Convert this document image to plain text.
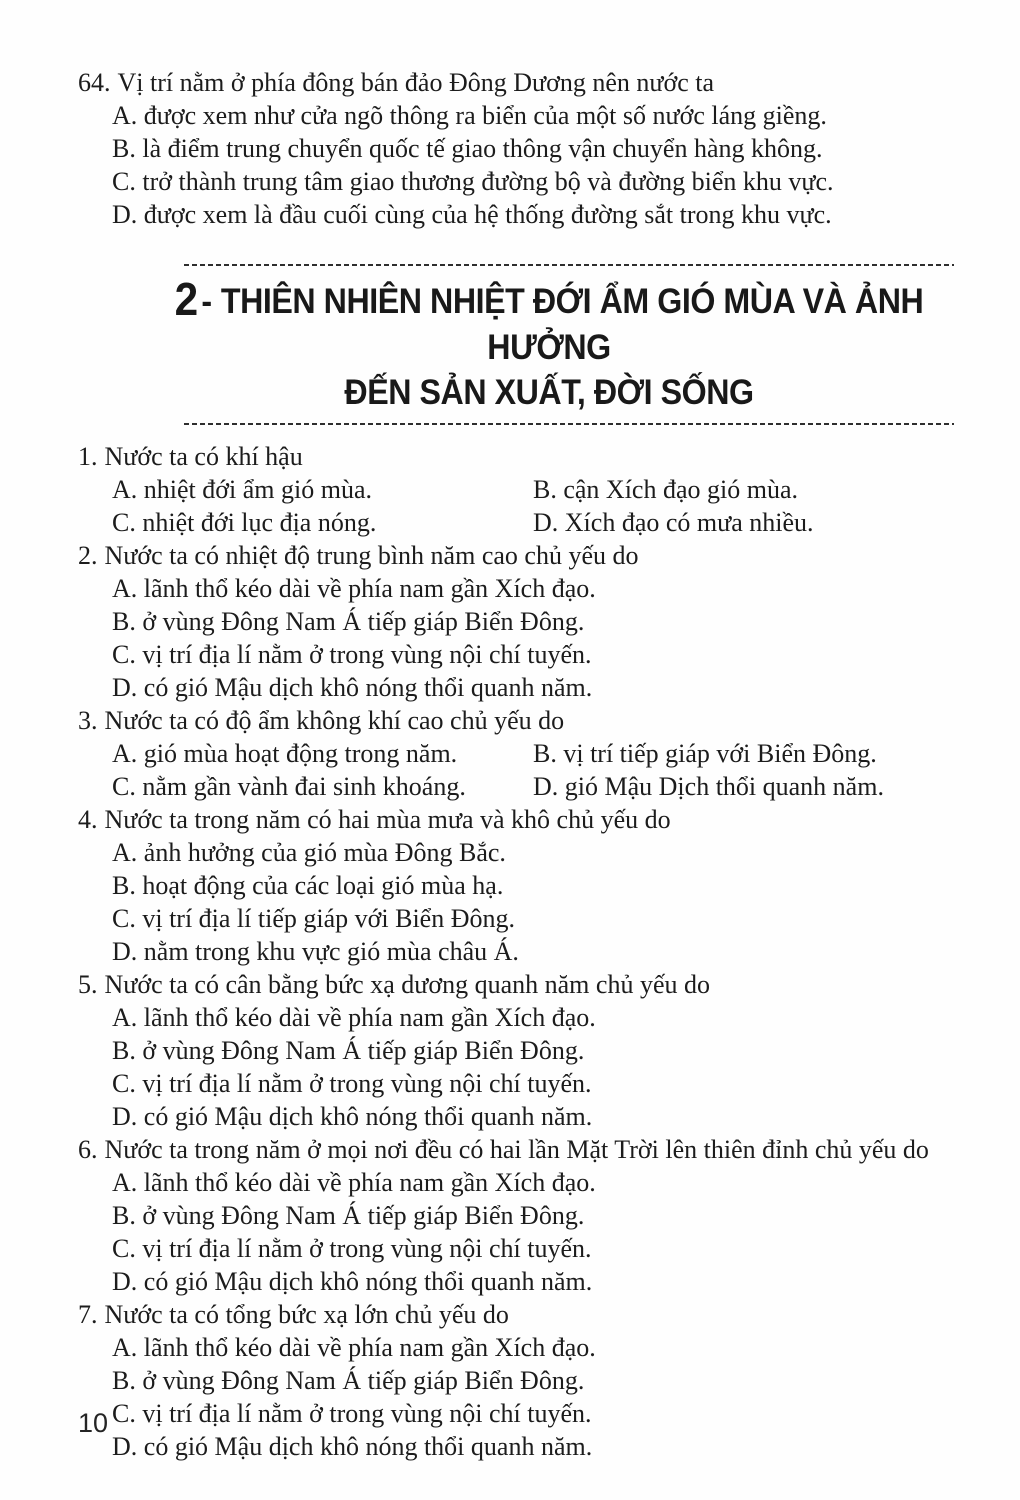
64. Vị trí nằm ở phía đông bán đảo Đông Dương nên nước ta
A. được xem như cửa ngõ thông ra biển của một số nước láng giềng.
B. là điểm trung chuyển quốc tế giao thông vận chuyển hàng không.
C. trở thành trung tâm giao thương đường bộ và đường biển khu vực.
D. được xem là đầu cuối cùng của hệ thống đường sắt trong khu vực.
2 - THIÊN NHIÊN NHIỆT ĐỚI ẨM GIÓ MÙA VÀ ẢNH HƯỞNG
ĐẾN SẢN XUẤT, ĐỜI SỐNG
1. Nước ta có khí hậu
A. nhiệt đới ẩm gió mùa.	B. cận Xích đạo gió mùa.
C. nhiệt đới lục địa nóng.	D. Xích đạo có mưa nhiều.
2. Nước ta có nhiệt độ trung bình năm cao chủ yếu do
A. lãnh thổ kéo dài về phía nam gần Xích đạo.
B. ở vùng Đông Nam Á tiếp giáp Biển Đông.
C. vị trí địa lí nằm ở trong vùng nội chí tuyến.
D. có gió Mậu dịch khô nóng thổi quanh năm.
3. Nước ta có độ ẩm không khí cao chủ yếu do
A. gió mùa hoạt động trong năm.	B. vị trí tiếp giáp với Biển Đông.
C. nằm gần vành đai sinh khoáng.	D. gió Mậu Dịch thổi quanh năm.
4. Nước ta trong năm có hai mùa mưa và khô chủ yếu do
A. ảnh hưởng của gió mùa Đông Bắc.
B. hoạt động của các loại gió mùa hạ.
C. vị trí địa lí tiếp giáp với Biển Đông.
D. nằm trong khu vực gió mùa châu Á.
5. Nước ta có cân bằng bức xạ dương quanh năm chủ yếu do
A. lãnh thổ kéo dài về phía nam gần Xích đạo.
B. ở vùng Đông Nam Á tiếp giáp Biển Đông.
C. vị trí địa lí nằm ở trong vùng nội chí tuyến.
D. có gió Mậu dịch khô nóng thổi quanh năm.
6. Nước ta trong năm ở mọi nơi đều có hai lần Mặt Trời lên thiên đỉnh chủ yếu do
A. lãnh thổ kéo dài về phía nam gần Xích đạo.
B. ở vùng Đông Nam Á tiếp giáp Biển Đông.
C. vị trí địa lí nằm ở trong vùng nội chí tuyến.
D. có gió Mậu dịch khô nóng thổi quanh năm.
7. Nước ta có tổng bức xạ lớn chủ yếu do
A. lãnh thổ kéo dài về phía nam gần Xích đạo.
B. ở vùng Đông Nam Á tiếp giáp Biển Đông.
C. vị trí địa lí nằm ở trong vùng nội chí tuyến.
D. có gió Mậu dịch khô nóng thổi quanh năm.
10
